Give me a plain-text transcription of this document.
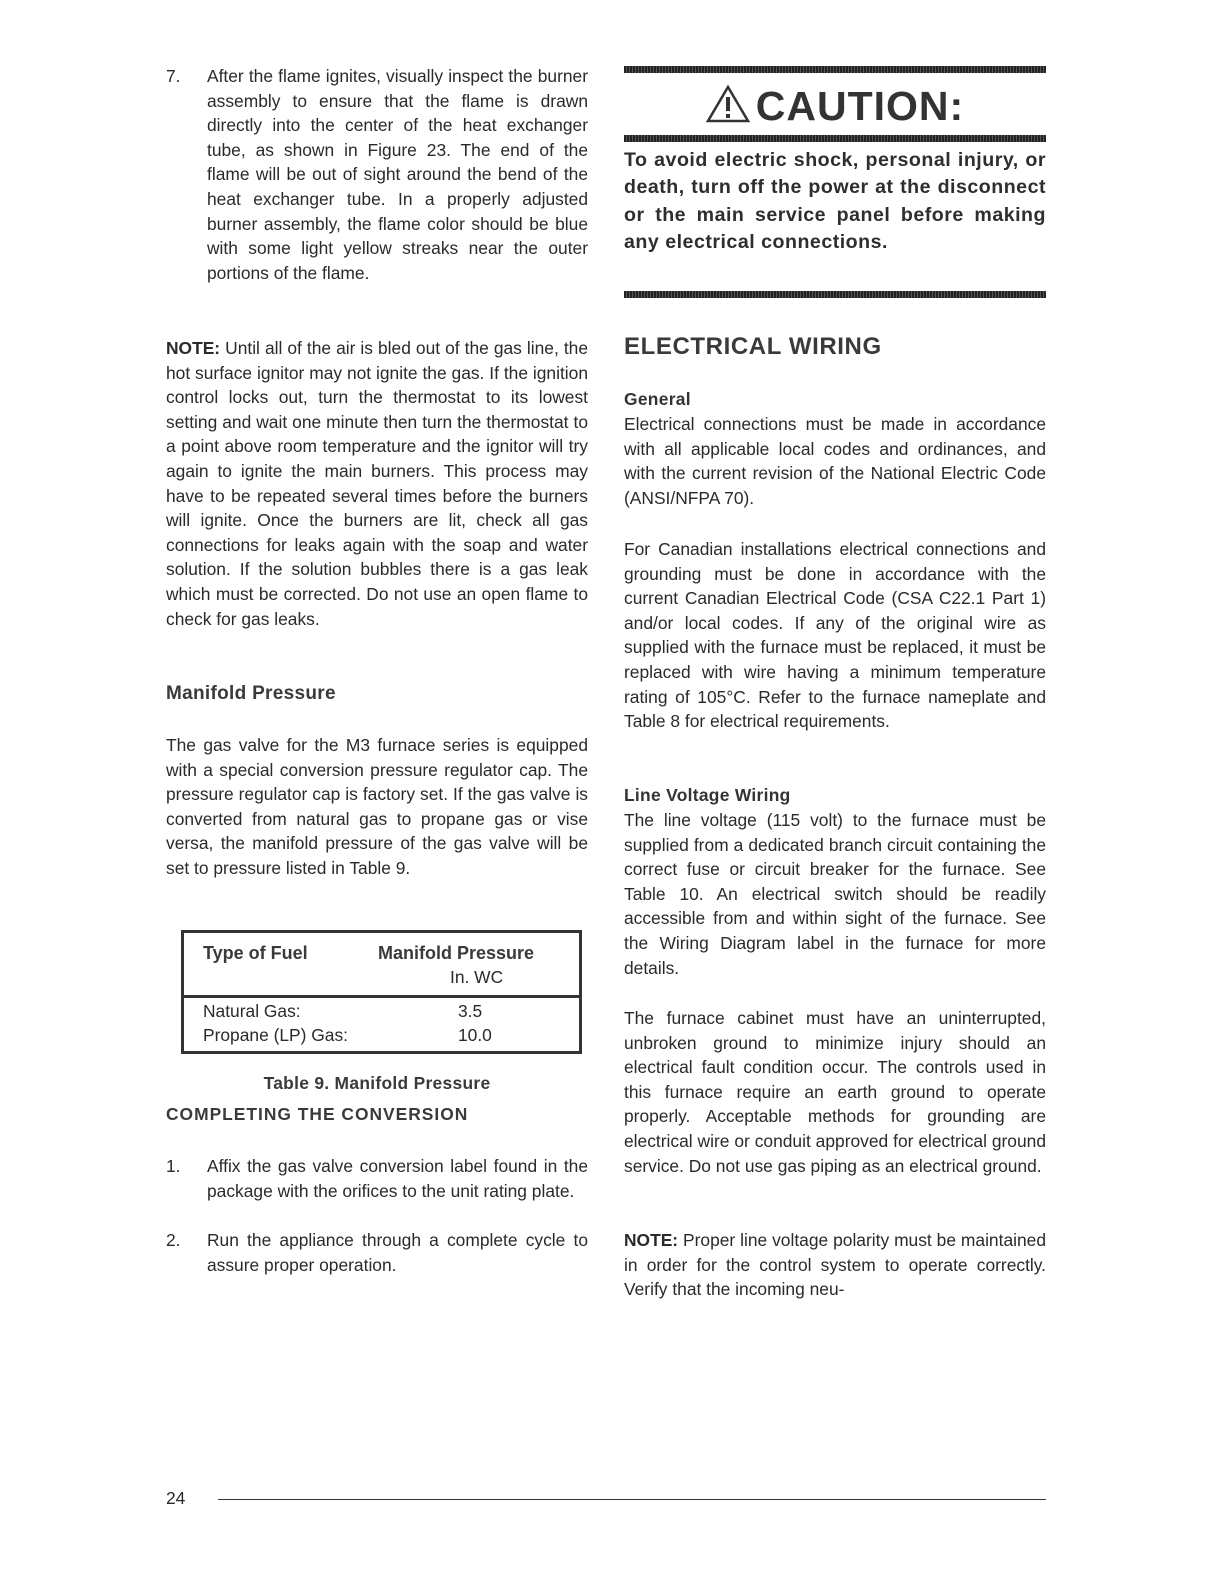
7.	After the flame ignites, visually inspect the burner assembly to ensure that the flame is drawn directly into the center of the heat exchanger tube, as shown in Figure 23. The end of the flame will be out of sight around the bend of the heat exchanger tube. In a properly adjusted burner assembly, the flame color should be blue with some light yellow streaks near the outer portions of the flame.
NOTE: Until all of the air is bled out of the gas line, the hot surface ignitor may not ignite the gas. If the ignition control locks out, turn the thermostat to its lowest setting and wait one minute then turn the thermostat to a point above room temperature and the ignitor will try again to ignite the main burners. This process may have to be repeated several times before the burners will ignite. Once the burners are lit, check all gas connections for leaks again with the soap and water solution. If the solution bubbles there is a gas leak which must be corrected. Do not use an open flame to check for gas leaks.
Manifold Pressure
The gas valve for the M3 furnace series is equipped with a special conversion pressure regulator cap. The pressure regulator cap is factory set. If the gas valve is converted from natural gas to propane gas or vise versa, the manifold pressure of the gas valve will be set to pressure listed in Table 9.
Type of Fuel	Manifold Pressure
In. WC
Natural Gas:	3.5
Propane (LP) Gas:	10.0
Table 9. Manifold Pressure
COMPLETING THE CONVERSION
1.	Affix the gas valve conversion label found in the package with the orifices to the unit rating plate.
2.	Run the appliance through a complete cycle to assure proper operation.
CAUTION:
To avoid electric shock, personal injury, or death, turn off the power at the disconnect or the main service panel before making any electrical connections.
ELECTRICAL WIRING
General
Electrical connections must be made in accordance with all applicable local codes and ordinances, and with the current revision of the National Electric Code (ANSI/NFPA 70).
For Canadian installations electrical connections and grounding must be done in accordance with the current Canadian Electrical Code (CSA C22.1 Part 1) and/or local codes. If any of the original wire as supplied with the furnace must be replaced, it must be replaced with wire having a minimum temperature rating of 105°C. Refer to the furnace nameplate and Table 8 for electrical requirements.
Line Voltage Wiring
The line voltage (115 volt) to the furnace must be supplied from a dedicated branch circuit containing the correct fuse or circuit breaker for the furnace. See Table 10. An electrical switch should be readily accessible from and within sight of the furnace. See the Wiring Diagram label in the furnace for more details.
The furnace cabinet must have an uninterrupted, unbroken ground to minimize injury should an electrical fault condition occur. The controls used in this furnace require an earth ground to operate properly. Acceptable methods for grounding are electrical wire or conduit approved for electrical ground service. Do not use gas piping as an electrical ground.
NOTE: Proper line voltage polarity must be maintained in order for the control system to operate correctly. Verify that the incoming neu-
24
